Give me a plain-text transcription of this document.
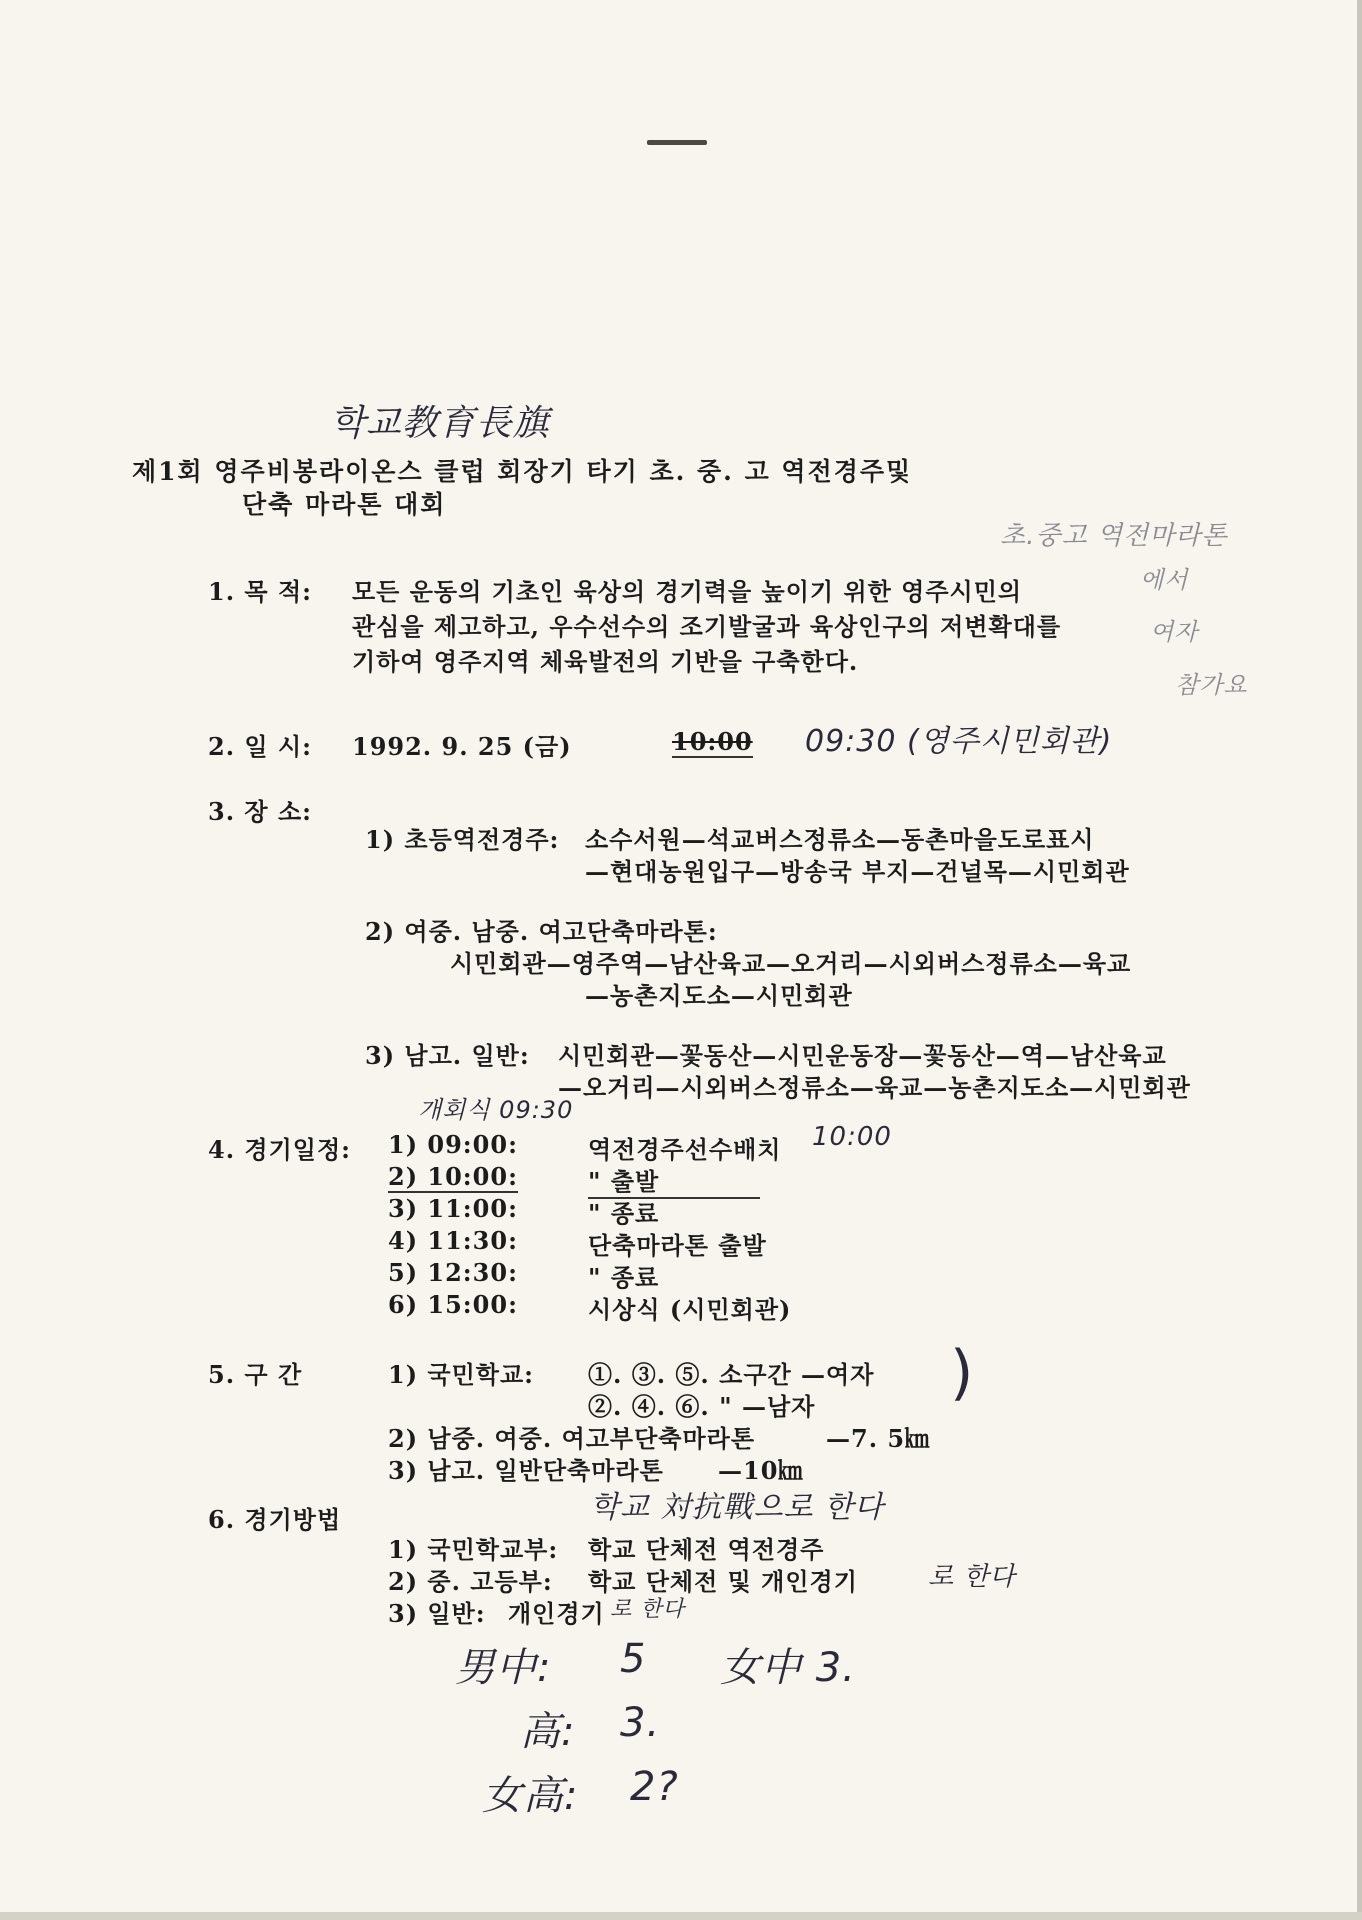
학교教育長旗
제1회 영주비봉라이온스 클럽 회장기 타기 초. 중. 고 역전경주및
단축 마라톤 대회
초.중고 역전마라톤
에서
여자
참가요
1. 목 적: 모든 운동의 기초인 육상의 경기력을 높이기 위한 영주시민의
관심을 제고하고, 우수선수의 조기발굴과 육상인구의 저변확대를
기하여 영주지역 체육발전의 기반을 구축한다.
2. 일 시: 1992. 9. 25 (금)	10:00 09:30 (영주시민회관)
3. 장 소:
1) 초등역전경주: 소수서원—석교버스정류소—동촌마을도로표시
—현대농원입구—방송국 부지—건널목—시민회관
2) 여중. 남중. 여고단축마라톤:
시민회관—영주역—남산육교—오거리—시외버스정류소—육교
—농촌지도소—시민회관
3) 남고. 일반: 시민회관—꽃동산—시민운동장—꽃동산—역—남산육교
—오거리—시외버스정류소—육교—농촌지도소—시민회관
개회식 09:30
4. 경기일정: 1) 09:00:	역전경주선수배치 10:00
2) 10:00:	" 출발
3) 11:00:	" 종료
4) 11:30:	단축마라톤 출발
5) 12:30:	" 종료
6) 15:00:	시상식 (시민회관)
5. 구 간	1) 국민학교: ①. ③. ⑤. 소구간 —여자
②. ④. ⑥. " —남자 )
2) 남중. 여중. 여고부단축마라톤	—7. 5㎞
3) 남고. 일반단축마라톤 —10㎞
학교 対抗戰으로 한다
6. 경기방법
1) 국민학교부: 학교 단체전 역전경주
2) 중. 고등부: 학교 단체전 및 개인경기	로 한다
3) 일반: 개인경기 로 한다
男中: 5 女中 3.
高: 3.
女高: 2?
